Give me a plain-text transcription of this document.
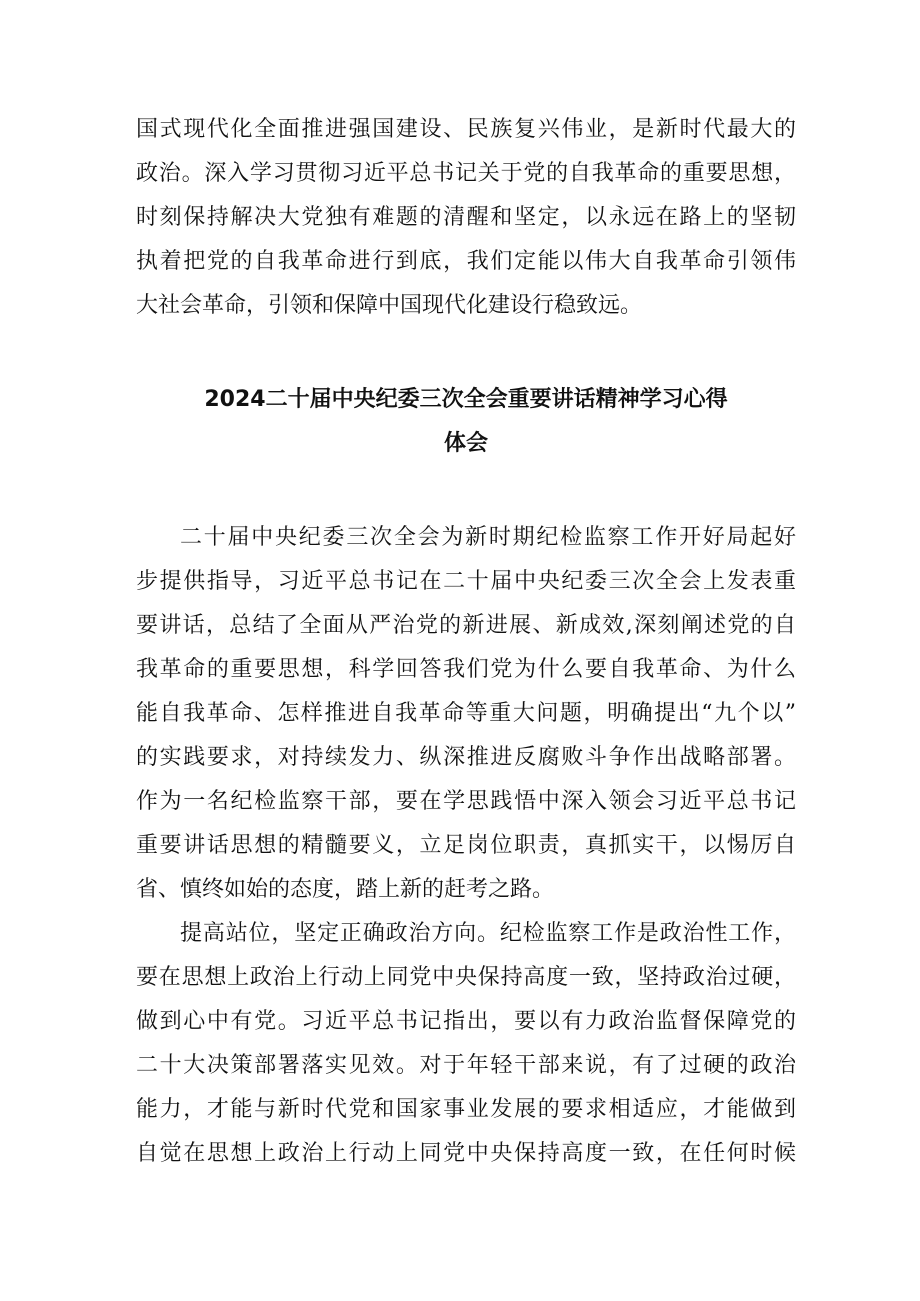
国式现代化全面推进强国建设、民族复兴伟业，是新时代最大的
政治。深入学习贯彻习近平总书记关于党的自我革命的重要思想，
时刻保持解决大党独有难题的清醒和坚定，以永远在路上的坚韧
执着把党的自我革命进行到底，我们定能以伟大自我革命引领伟
大社会革命，引领和保障中国现代化建设行稳致远。
2024二十届中央纪委三次全会重要讲话精神学习心得
体会
二十届中央纪委三次全会为新时期纪检监察工作开好局起好
步提供指导，习近平总书记在二十届中央纪委三次全会上发表重
要讲话，总结了全面从严治党的新进展、新成效,深刻阐述党的自
我革命的重要思想，科学回答我们党为什么要自我革命、为什么
能自我革命、怎样推进自我革命等重大问题，明确提出“九个以”
的实践要求，对持续发力、纵深推进反腐败斗争作出战略部署。
作为一名纪检监察干部，要在学思践悟中深入领会习近平总书记
重要讲话思想的精髓要义，立足岗位职责，真抓实干，以惕厉自
省、慎终如始的态度，踏上新的赶考之路。
提高站位，坚定正确政治方向。纪检监察工作是政治性工作，
要在思想上政治上行动上同党中央保持高度一致，坚持政治过硬，
做到心中有党。习近平总书记指出，要以有力政治监督保障党的
二十大决策部署落实见效。对于年轻干部来说，有了过硬的政治
能力，才能与新时代党和国家事业发展的要求相适应，才能做到
自觉在思想上政治上行动上同党中央保持高度一致，在任何时候
